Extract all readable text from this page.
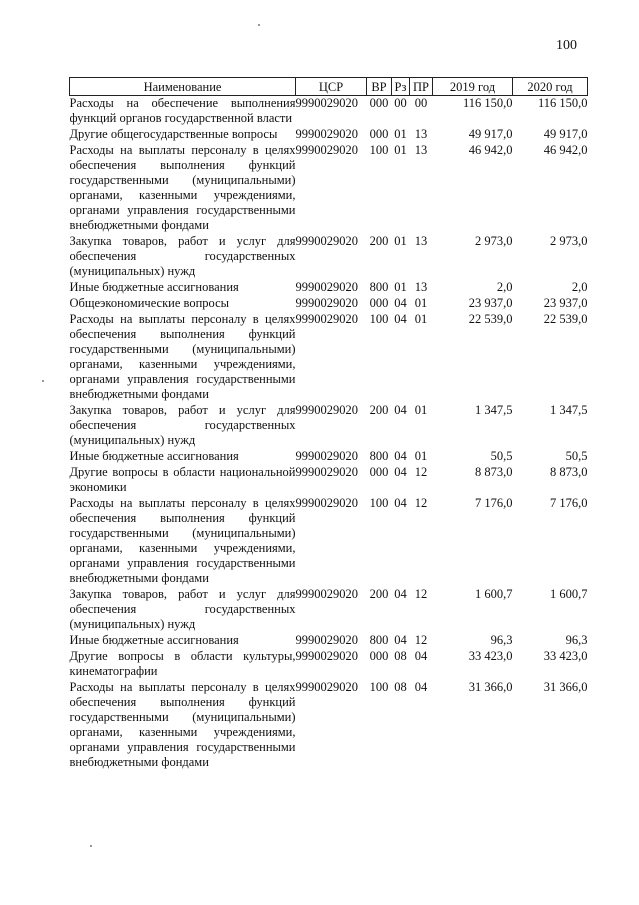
100
Наименование	ЦСР	ВР	Рз	ПР	2019 год	2020 год
Расходы на обеспечение выполнения функций органов государственной власти	9990029020	000	00	00	116 150,0	116 150,0
Другие общегосударственные вопросы	9990029020	000	01	13	49 917,0	49 917,0
Расходы на выплаты персоналу в целях обеспечения выполнения функций государственными (муниципальными) органами, казенными учреждениями, органами управления государственными внебюджетными фондами	9990029020	100	01	13	46 942,0	46 942,0
Закупка товаров, работ и услуг для обеспечения государственных (муниципальных) нужд	9990029020	200	01	13	2 973,0	2 973,0
Иные бюджетные ассигнования	9990029020	800	01	13	2,0	2,0
Общеэкономические вопросы	9990029020	000	04	01	23 937,0	23 937,0
Расходы на выплаты персоналу в целях обеспечения выполнения функций государственными (муниципальными) органами, казенными учреждениями, органами управления государственными внебюджетными фондами	9990029020	100	04	01	22 539,0	22 539,0
Закупка товаров, работ и услуг для обеспечения государственных (муниципальных) нужд	9990029020	200	04	01	1 347,5	1 347,5
Иные бюджетные ассигнования	9990029020	800	04	01	50,5	50,5
Другие вопросы в области национальной экономики	9990029020	000	04	12	8 873,0	8 873,0
Расходы на выплаты персоналу в целях обеспечения выполнения функций государственными (муниципальными) органами, казенными учреждениями, органами управления государственными внебюджетными фондами	9990029020	100	04	12	7 176,0	7 176,0
Закупка товаров, работ и услуг для обеспечения государственных (муниципальных) нужд	9990029020	200	04	12	1 600,7	1 600,7
Иные бюджетные ассигнования	9990029020	800	04	12	96,3	96,3
Другие вопросы в области культуры, кинематографии	9990029020	000	08	04	33 423,0	33 423,0
Расходы на выплаты персоналу в целях обеспечения выполнения функций государственными (муниципальными) органами, казенными учреждениями, органами управления государственными внебюджетными фондами	9990029020	100	08	04	31 366,0	31 366,0
